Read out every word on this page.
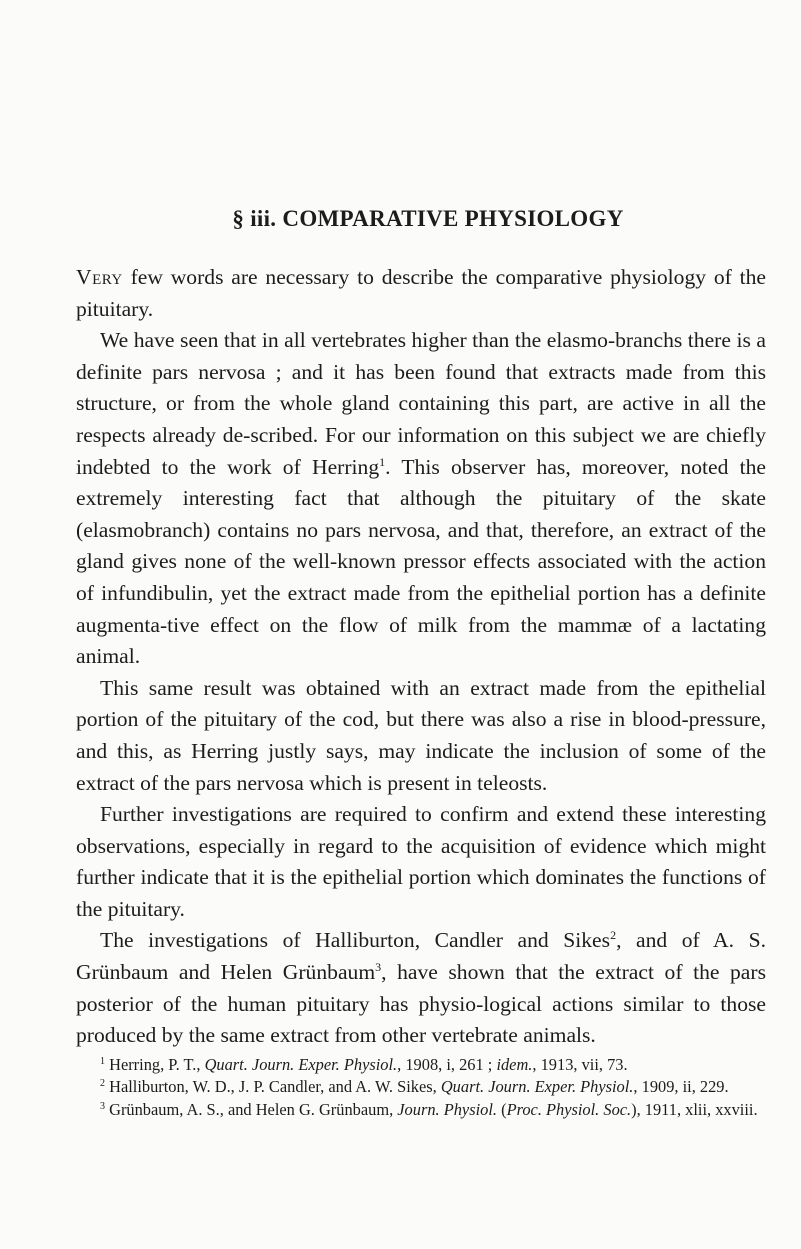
§ iii. COMPARATIVE PHYSIOLOGY

Very few words are necessary to describe the comparative physiology of the pituitary.

We have seen that in all vertebrates higher than the elasmo-branchs there is a definite pars nervosa ; and it has been found that extracts made from this structure, or from the whole gland containing this part, are active in all the respects already de-scribed. For our information on this subject we are chiefly indebted to the work of Herring$^1$. This observer has, moreover, noted the extremely interesting fact that although the pituitary of the skate (elasmobranch) contains no pars nervosa, and that, therefore, an extract of the gland gives none of the well-known pressor effects associated with the action of infundibulin, yet the extract made from the epithelial portion has a definite augmenta-tive effect on the flow of milk from the mammæ of a lactating animal.

This same result was obtained with an extract made from the epithelial portion of the pituitary of the cod, but there was also a rise in blood-pressure, and this, as Herring justly says, may indicate the inclusion of some of the extract of the pars nervosa which is present in teleosts.

Further investigations are required to confirm and extend these interesting observations, especially in regard to the acquisition of evidence which might further indicate that it is the epithelial portion which dominates the functions of the pituitary.

The investigations of Halliburton, Candler and Sikes$^2$, and of A. S. Grünbaum and Helen Grünbaum$^3$, have shown that the extract of the pars posterior of the human pituitary has physio-logical actions similar to those produced by the same extract from other vertebrate animals.

$^1$ Herring, P. T., Quart. Journ. Exper. Physiol., 1908, i, 261 ; idem., 1913, vii, 73.

$^2$ Halliburton, W. D., J. P. Candler, and A. W. Sikes, Quart. Journ. Exper. Physiol., 1909, ii, 229.

$^3$ Grünbaum, A. S., and Helen G. Grünbaum, Journ. Physiol. (Proc. Physiol. Soc.), 1911, xlii, xxviii.
